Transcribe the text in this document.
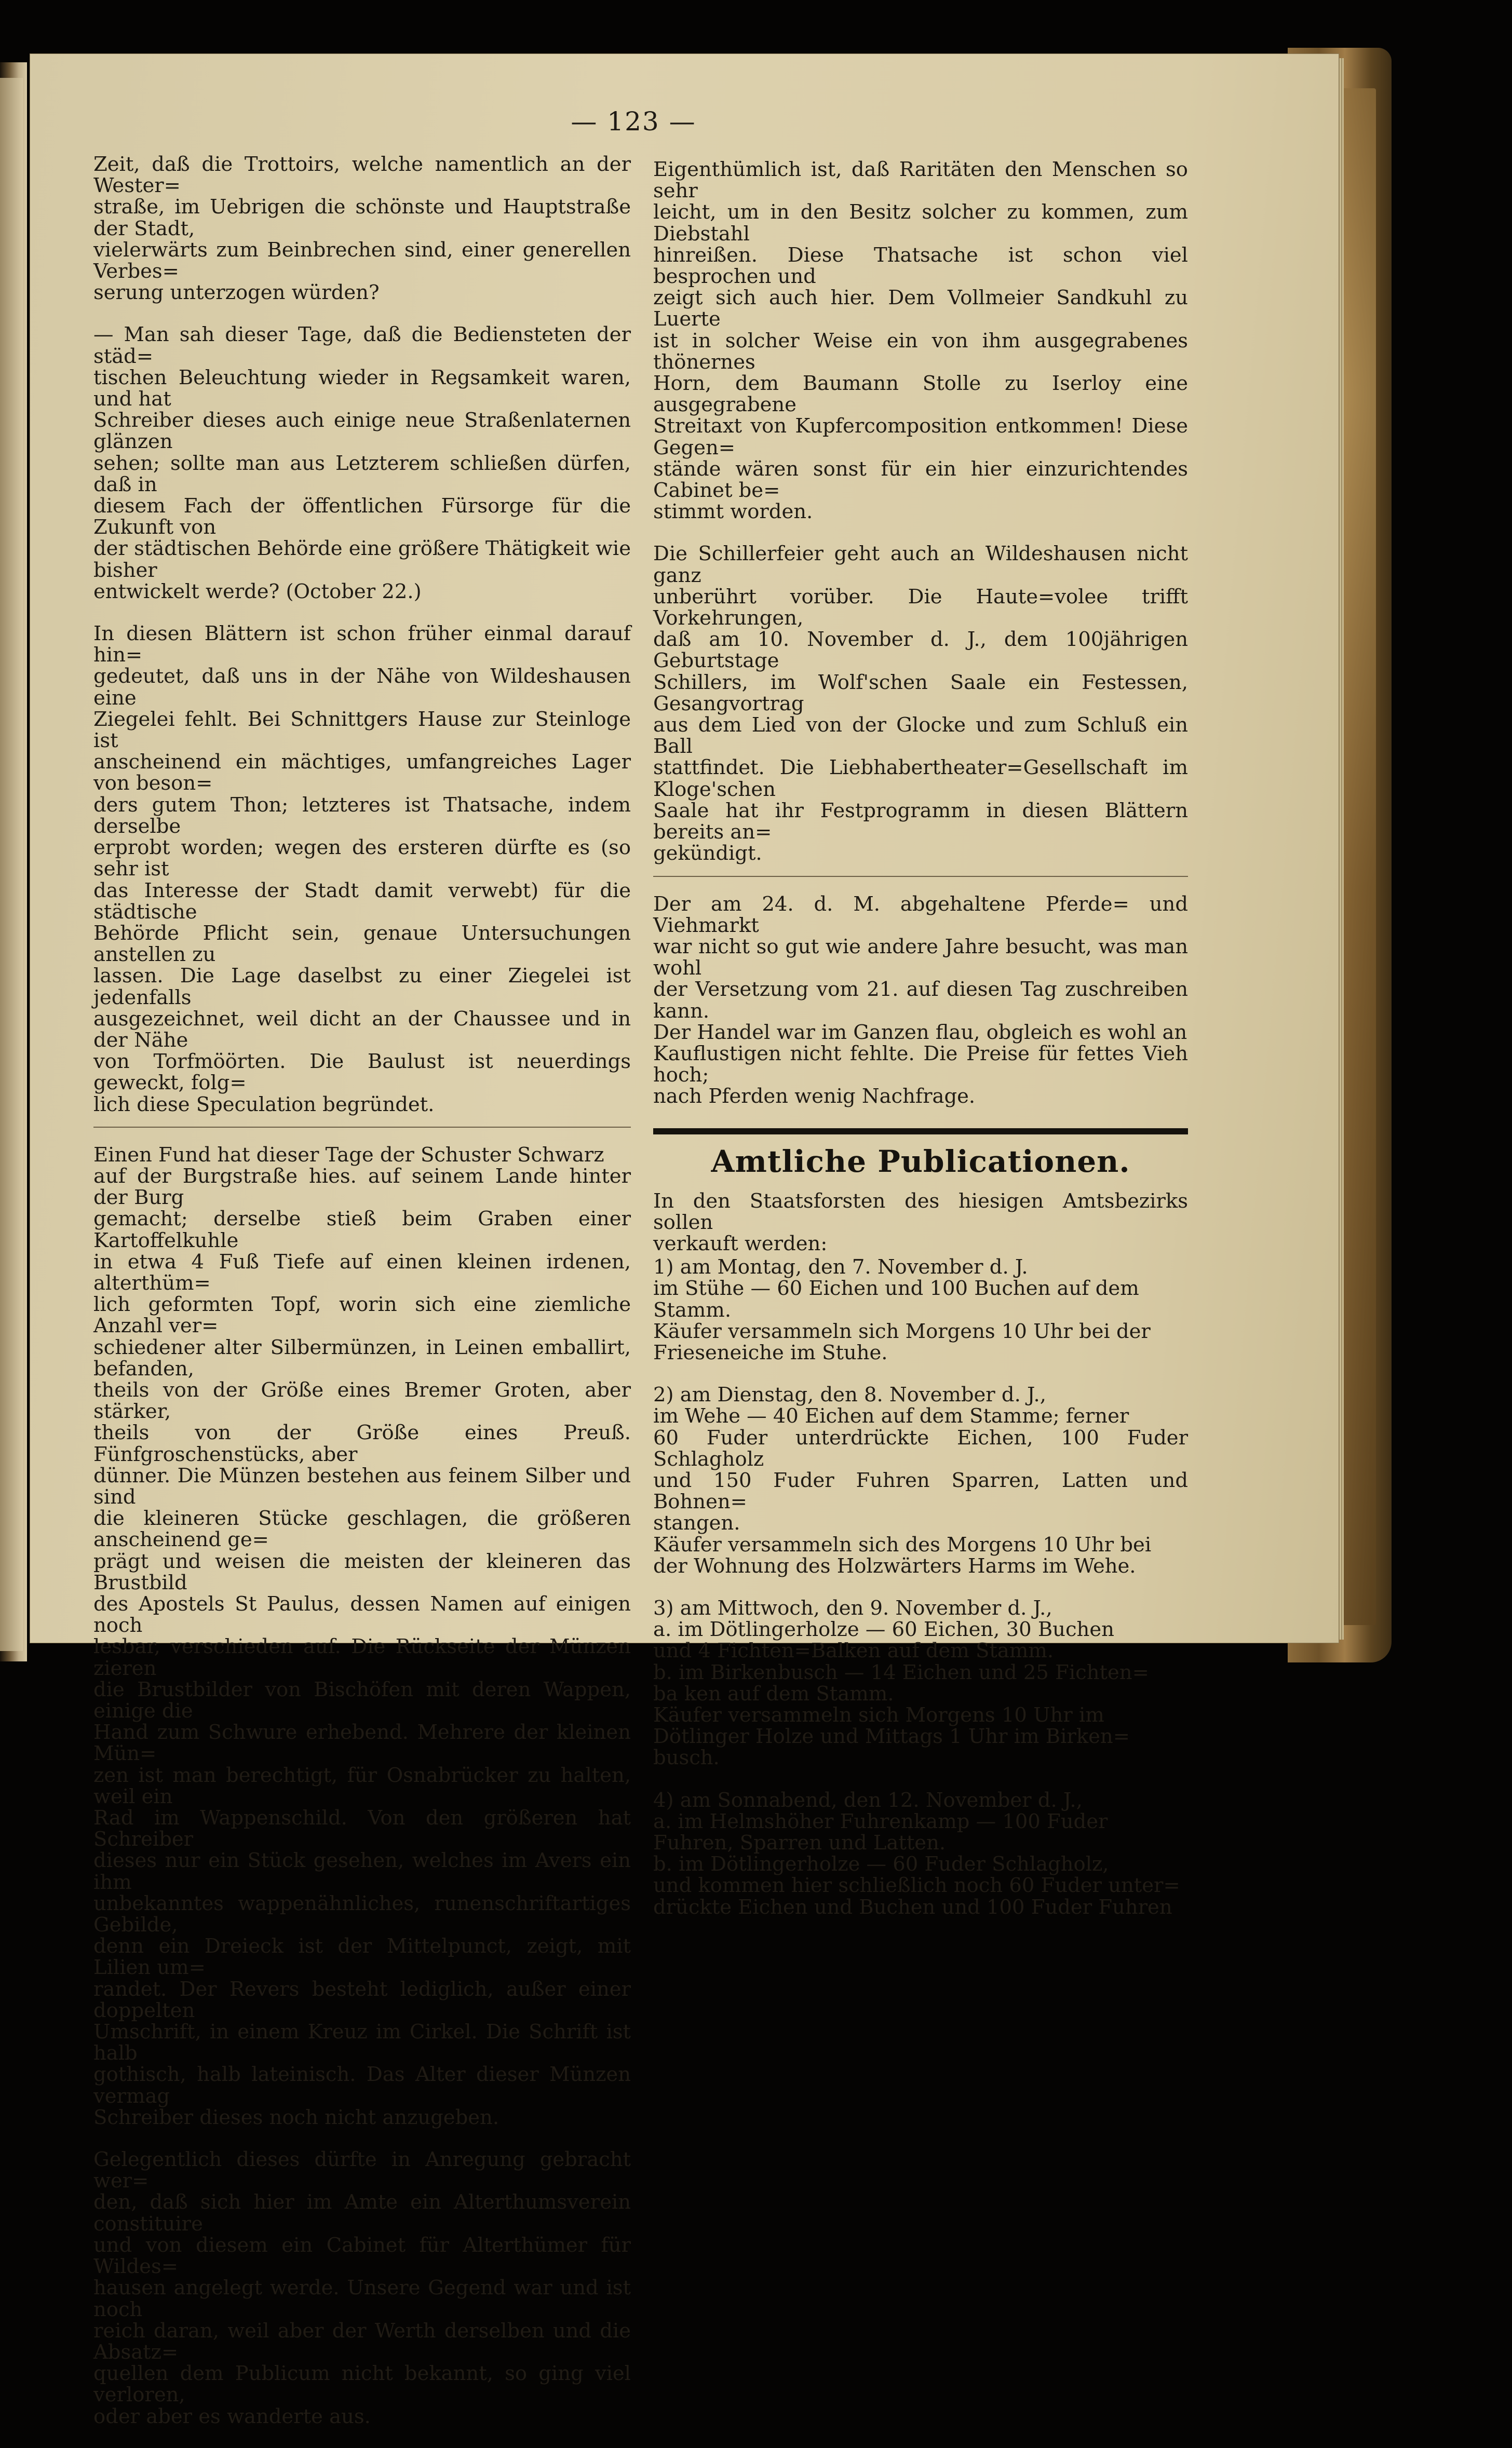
— 123 —

Zeit, daß die Trottoirs, welche namentlich an der Wester=
straße, im Uebrigen die schönste und Hauptstraße der Stadt,
vielerwärts zum Beinbrechen sind, einer generellen Verbes=
serung unterzogen würden?

— Man sah dieser Tage, daß die Bediensteten der städ=
tischen Beleuchtung wieder in Regsamkeit waren, und hat
Schreiber dieses auch einige neue Straßenlaternen glänzen
sehen; sollte man aus Letzterem schließen dürfen, daß in
diesem Fach der öffentlichen Fürsorge für die Zukunft von
der städtischen Behörde eine größere Thätigkeit wie bisher
entwickelt werde? (October 22.)

In diesen Blättern ist schon früher einmal darauf hin=
gedeutet, daß uns in der Nähe von Wildeshausen eine
Ziegelei fehlt. Bei Schnittgers Hause zur Steinloge ist
anscheinend ein mächtiges, umfangreiches Lager von beson=
ders gutem Thon; letzteres ist Thatsache, indem derselbe
erprobt worden; wegen des ersteren dürfte es (so sehr ist
das Interesse der Stadt damit verwebt) für die städtische
Behörde Pflicht sein, genaue Untersuchungen anstellen zu
lassen. Die Lage daselbst zu einer Ziegelei ist jedenfalls
ausgezeichnet, weil dicht an der Chaussee und in der Nähe
von Torfmöörten. Die Baulust ist neuerdings geweckt, folg=
lich diese Speculation begründet.

Einen Fund hat dieser Tage der Schuster Schwarz
auf der Burgstraße hies. auf seinem Lande hinter der Burg
gemacht; derselbe stieß beim Graben einer Kartoffelkuhle
in etwa 4 Fuß Tiefe auf einen kleinen irdenen, alterthüm=
lich geformten Topf, worin sich eine ziemliche Anzahl ver=
schiedener alter Silbermünzen, in Leinen emballirt, befanden,
theils von der Größe eines Bremer Groten, aber stärker,
theils von der Größe eines Preuß. Fünfgroschenstücks, aber
dünner. Die Münzen bestehen aus feinem Silber und sind
die kleineren Stücke geschlagen, die größeren anscheinend ge=
prägt und weisen die meisten der kleineren das Brustbild
des Apostels St Paulus, dessen Namen auf einigen noch
lesbar, verschieden auf. Die Rückseite der Münzen zieren
die Brustbilder von Bischöfen mit deren Wappen, einige die
Hand zum Schwure erhebend. Mehrere der kleinen Mün=
zen ist man berechtigt, für Osnabrücker zu halten, weil ein
Rad im Wappenschild. Von den größeren hat Schreiber
dieses nur ein Stück gesehen, welches im Avers ein ihm
unbekanntes wappenähnliches, runenschriftartiges Gebilde,
denn ein Dreieck ist der Mittelpunct, zeigt, mit Lilien um=
randet. Der Revers besteht lediglich, außer einer doppelten
Umschrift, in einem Kreuz im Cirkel. Die Schrift ist halb
gothisch, halb lateinisch. Das Alter dieser Münzen vermag
Schreiber dieses noch nicht anzugeben.

Gelegentlich dieses dürfte in Anregung gebracht wer=
den, daß sich hier im Amte ein Alterthumsverein constituire
und von diesem ein Cabinet für Alterthümer für Wildes=
hausen angelegt werde. Unsere Gegend war und ist noch
reich daran, weil aber der Werth derselben und die Absatz=
quellen dem Publicum nicht bekannt, so ging viel verloren,
oder aber es wanderte aus.

Eigenthümlich ist, daß Raritäten den Menschen so sehr
leicht, um in den Besitz solcher zu kommen, zum Diebstahl
hinreißen. Diese Thatsache ist schon viel besprochen und
zeigt sich auch hier. Dem Vollmeier Sandkuhl zu Luerte
ist in solcher Weise ein von ihm ausgegrabenes thönernes
Horn, dem Baumann Stolle zu Iserloy eine ausgegrabene
Streitaxt von Kupfercomposition entkommen! Diese Gegen=
stände wären sonst für ein hier einzurichtendes Cabinet be=
stimmt worden.

Die Schillerfeier geht auch an Wildeshausen nicht ganz
unberührt vorüber. Die Haute=volee trifft Vorkehrungen,
daß am 10. November d. J., dem 100jährigen Geburtstage
Schillers, im Wolf'schen Saale ein Festessen, Gesangvortrag
aus dem Lied von der Glocke und zum Schluß ein Ball
stattfindet. Die Liebhabertheater=Gesellschaft im Kloge'schen
Saale hat ihr Festprogramm in diesen Blättern bereits an=
gekündigt.

Der am 24. d. M. abgehaltene Pferde= und Viehmarkt
war nicht so gut wie andere Jahre besucht, was man wohl
der Versetzung vom 21. auf diesen Tag zuschreiben kann.
Der Handel war im Ganzen flau, obgleich es wohl an
Kauflustigen nicht fehlte. Die Preise für fettes Vieh hoch;
nach Pferden wenig Nachfrage.

Amtliche Publicationen.

In den Staatsforsten des hiesigen Amtsbezirks sollen
verkauft werden:

1) am Montag, den 7. November d. J.
im Stühe — 60 Eichen und 100 Buchen auf dem
Stamm.
Käufer versammeln sich Morgens 10 Uhr bei der
Frieseneiche im Stuhe.

2) am Dienstag, den 8. November d. J.,
im Wehe — 40 Eichen auf dem Stamme; ferner
60 Fuder unterdrückte Eichen, 100 Fuder Schlagholz
und 150 Fuder Fuhren Sparren, Latten und Bohnen=
stangen.
Käufer versammeln sich des Morgens 10 Uhr bei
der Wohnung des Holzwärters Harms im Wehe.

3) am Mittwoch, den 9. November d. J.,
a. im Dötlingerholze — 60 Eichen, 30 Buchen
und 4 Fichten=Balken auf dem Stamm.
b. im Birkenbusch — 14 Eichen und 25 Fichten=
ba ken auf dem Stamm.
Käufer versammeln sich Morgens 10 Uhr im
Dötlinger Holze und Mittags 1 Uhr im Birken=
busch.

4) am Sonnabend, den 12. November d. J.,
a. im Helmshöher Fuhrenkamp — 100 Fuder
Fuhren, Sparren und Latten.
b. im Dötlingerholze — 60 Fuder Schlagholz,
und kommen hier schließlich noch 60 Fuder unter=
drückte Eichen und Buchen und 100 Fuder Fuhren
